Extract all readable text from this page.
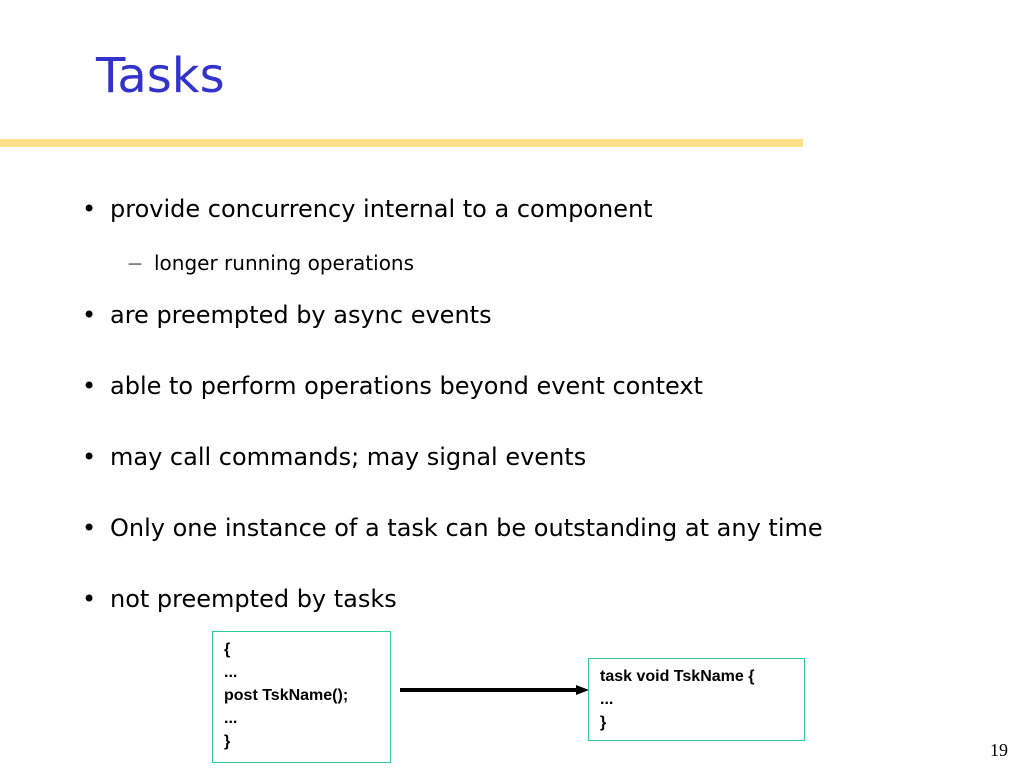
Tasks
• provide concurrency internal to a component
— longer running operations
• are preempted by async events
• able to perform operations beyond event context
• may call commands; may signal events
• Only one instance of a task can be outstanding at any time
• not preempted by tasks
{
...
post TskName();
...
}
task void TskName {
...
}
19
